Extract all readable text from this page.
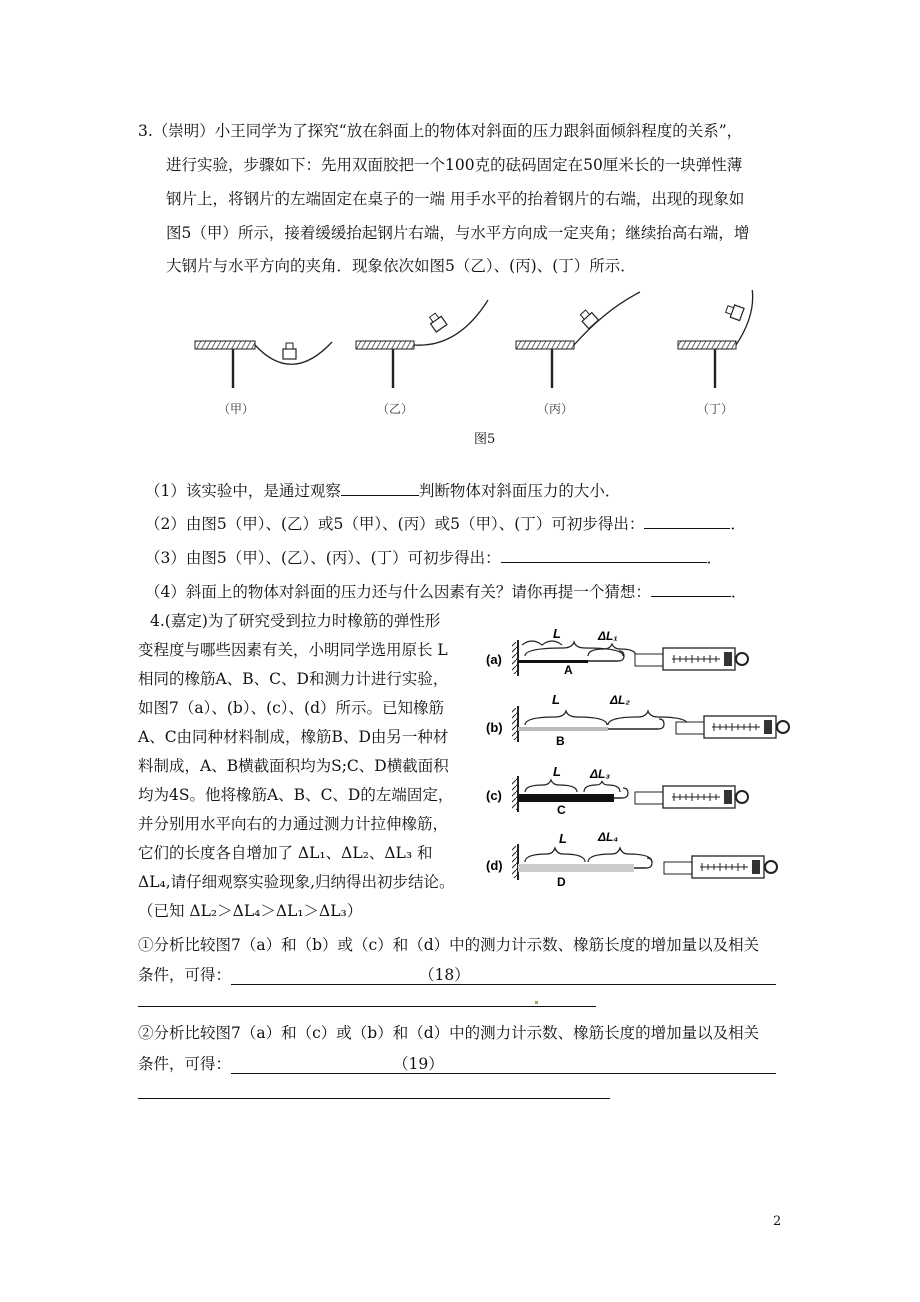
3.（崇明）小王同学为了探究“放在斜面上的物体对斜面的压力跟斜面倾斜程度的关系”，
进行实验，步骤如下：先用双面胶把一个100克的砝码固定在50厘米长的一块弹性薄
钢片上，将钢片的左端固定在桌子的一端 用手水平的抬着钢片的右端，出现的现象如
图5（甲）所示，接着缓缓抬起钢片右端，与水平方向成一定夹角；继续抬高右端，增
大钢片与水平方向的夹角．现象依次如图5（乙）、(丙)、(丁）所示．
（甲）	（乙）	（丙）	（丁）
图5
（1）该实验中，是通过观察	判断物体对斜面压力的大小．
（2）由图5（甲）、(乙）或5（甲）、(丙）或5（甲）、(丁）可初步得出：	．
（3）由图5（甲）、(乙）、(丙）、(丁）可初步得出：	．
（4）斜面上的物体对斜面的压力还与什么因素有关？请你再提一个猜想：	．
4.(嘉定)为了研究受到拉力时橡筋的弹性形
变程度与哪些因素有关，小明同学选用原长 L
相同的橡筋A、B、C、D和测力计进行实验，
如图7（a）、(b）、(c）、(d）所示。已知橡筋
A、C由同种材料制成，橡筋B、D由另一种材
料制成，A、B横截面积均为S;C、D横截面积
均为4S。他将橡筋A、B、C、D的左端固定，
并分别用水平向右的力通过测力计拉伸橡筋，
它们的长度各自增加了 ΔL₁、ΔL₂、ΔL₃ 和
ΔL₄,请仔细观察实验现象,归纳得出初步结论。
（已知 ΔL₂＞ΔL₄＞ΔL₁＞ΔL₃）
(a)
L	ΔL₁
A
(b)
L	ΔL₂
B
(c)
L ΔL₃
C
(d)
L	ΔL₄
D
①分析比较图7（a）和（b）或（c）和（d）中的测力计示数、橡筋长度的增加量以及相关
条件，可得：	（18）
②分析比较图7（a）和（c）或（b）和（d）中的测力计示数、橡筋长度的增加量以及相关
条件，可得：	（19）
2
